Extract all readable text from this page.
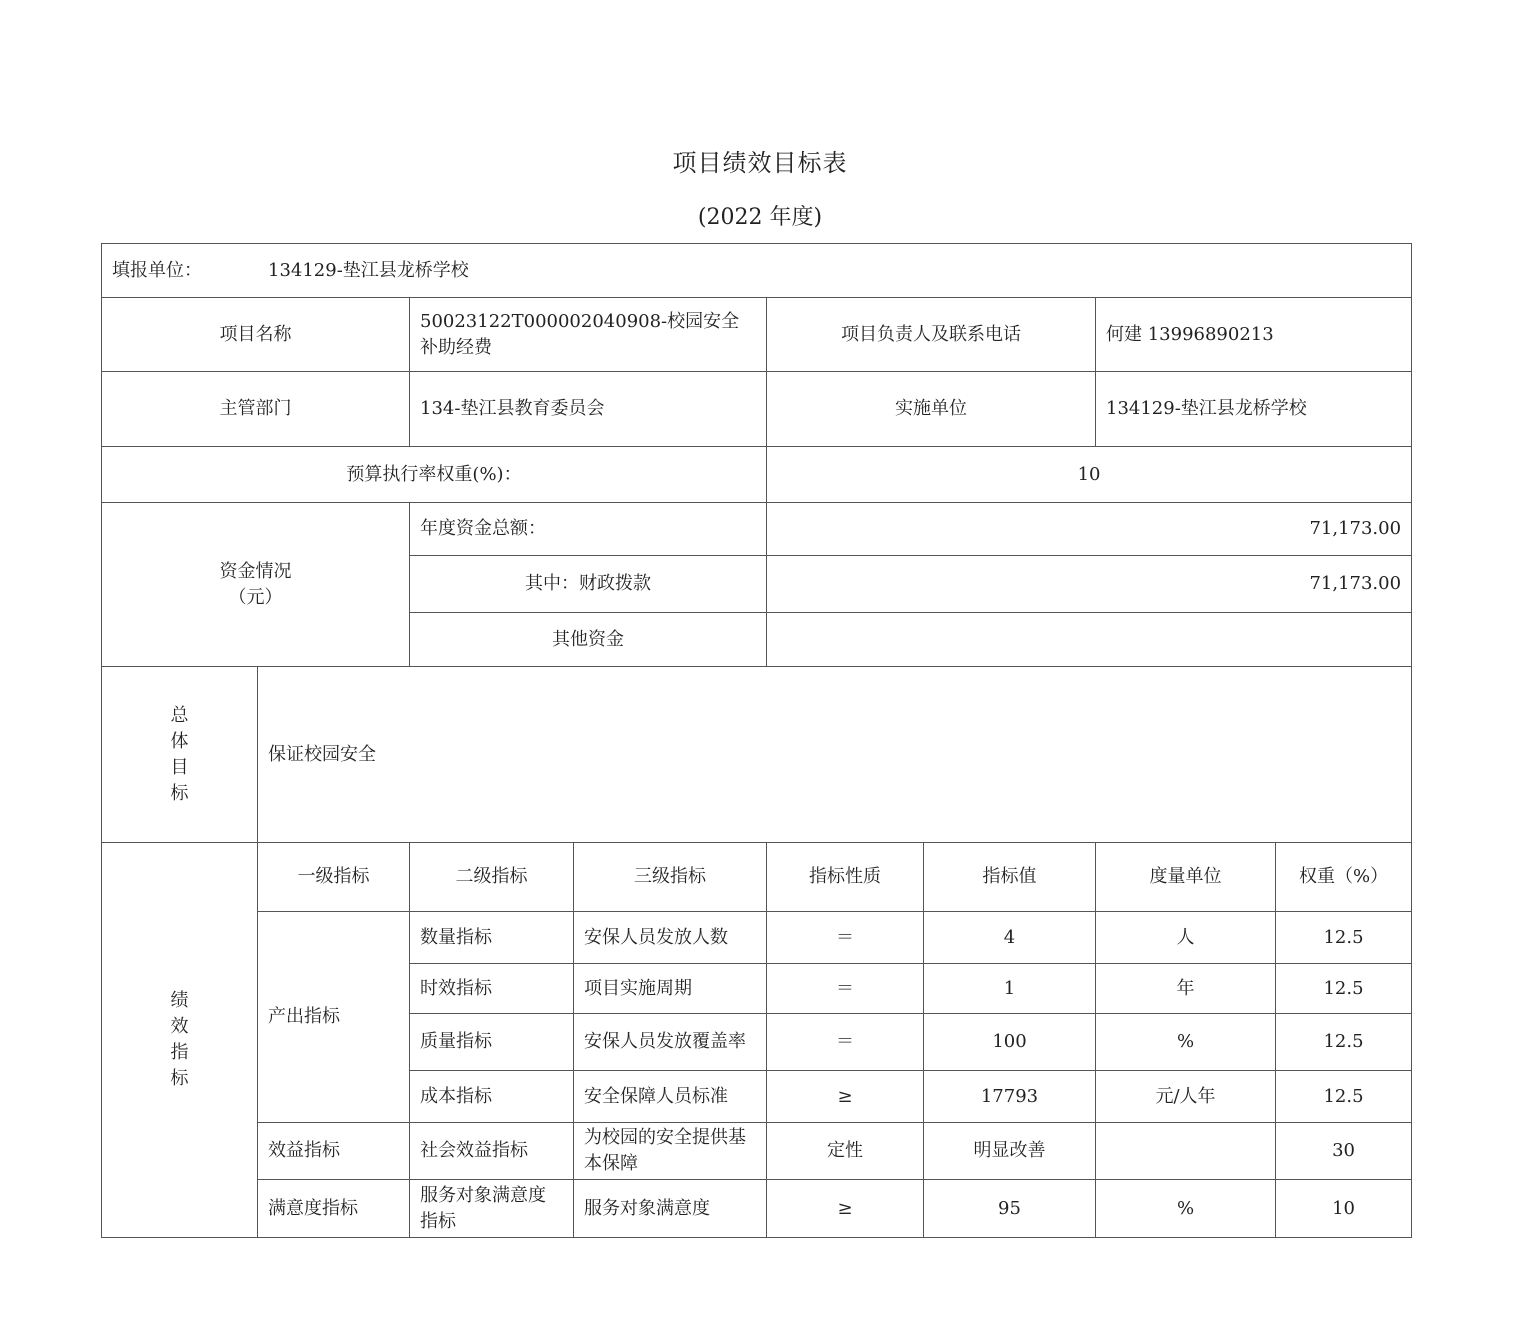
项目绩效目标表
(2022 年度)
填报单位： 134129-垫江县龙桥学校							
项目名称		50023122T000002040908-校园安全补助经费		项目负责人及联系电话		何建 13996890213	
主管部门		134-垫江县教育委员会		实施单位		134129-垫江县龙桥学校	
预算执行率权重(%)：				10			

资金情况
（元）		年度资金总额：		71,173.00			
		其中：财政拨款		71,173.00			
		其他资金					

总
体
目
标	保证校园安全						

绩
效
指
标	一级指标	二级指标	三级指标	指标性质	指标值	度量单位	权重（%）
	产出指标	数量指标	安保人员发放人数	＝	4	人	12.5
		时效指标	项目实施周期	＝	1	年	12.5
		质量指标	安保人员发放覆盖率	＝	100	%	12.5
		成本指标	安全保障人员标准	≥	17793	元/人年	12.5
	效益指标	社会效益指标	为校园的安全提供基本保障	定性	明显改善		30
	满意度指标	服务对象满意度指标	服务对象满意度	≥	95	%	10
